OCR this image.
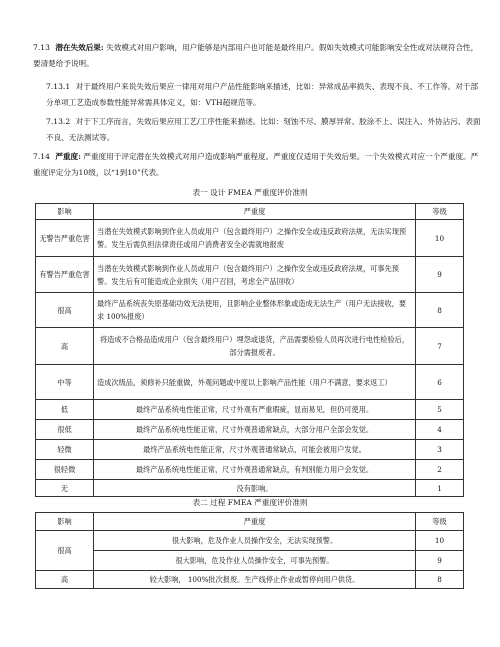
7.13 潜在失效后果: 失效模式对用户影响，用户能够是内部用户也可能是最终用户。假如失效模式可能影响安全性或对法规符合性，要清楚给予说明。
7.13.1 对于最终用户来说失效后果应一律用对用户产品性能影响来描述，比如：异常成品率损失、表现不良、不工作等。对于部分单项工艺造成参数性能异常需具体定义，如：VTH超规范等。
7.13.2 对于下工序而言，失效后果应用工艺/工序性能来描述。比如：刻蚀不尽、膜厚异常、胶涂不上、误注入、外协沾污、表面不良、无法测试等。
7.14 严重度: 严重度用于评定潜在失效模式对用户造成影响严重程度。严重度仅适用于失效后果。一个失效模式对应一个严重度。严重度评定分为10级，以“1到10”代表。
表一 设计 FMEA 严重度评价准则
影响	严重度	等级
无警告严重危害	当潜在失效模式影响到作业人员或用户（包含最终用户）之操作安全或违反政府法规，无法实现预警。发生后需负担法律责任或用户消费者安全必需就地报废	10
有警告严重危害	当潜在失效模式影响到作业人员或用户（包含最终用户）之操作安全或违反政府法规，可事先预警。发生后有可能造成企业损失（用户召回，考虑全产品回收）	9
很高	最终产品系统丧失原基础功效无法使用，且影响企业整体形象或造成无法生产（用户无法接收，要求 100%报废）	8
高	将造成不合格品造成用户（包含最终用户）埋怨或退货，产品需要检验人员再次进行电性检验后，部分需报废者。	7
中等	造成次级品，须修补只能重做，外观问题或中度以上影响产品性能（用户不满意，要求返工）	6
低	最终产品系统电性能正常，尺寸外观有严重瑕疵，显而易见，但仍可使用。	5
很低	最终产品系统电性能正常，尺寸外观普通常缺点，大部分用户全部会发觉。	4
轻微	最终产品系统电性能正常，尺寸外观普通常缺点，可能会被用户发觉。	3
很轻微	最终产品系统电性能正常，尺寸外观普通常缺点，有判别能力用户会发觉。	2
无	没有影响。	1
表二 过程 FMEA 严重度评价准则
影响	严重度	等级
很高	很大影响，危及作业人员操作安全，无法实现预警。	10
	很大影响，危及作业人员操作安全，可事先预警。	9
高	较大影响， 100%批次报废。生产线停止作业或暂停向用户供货。	8
